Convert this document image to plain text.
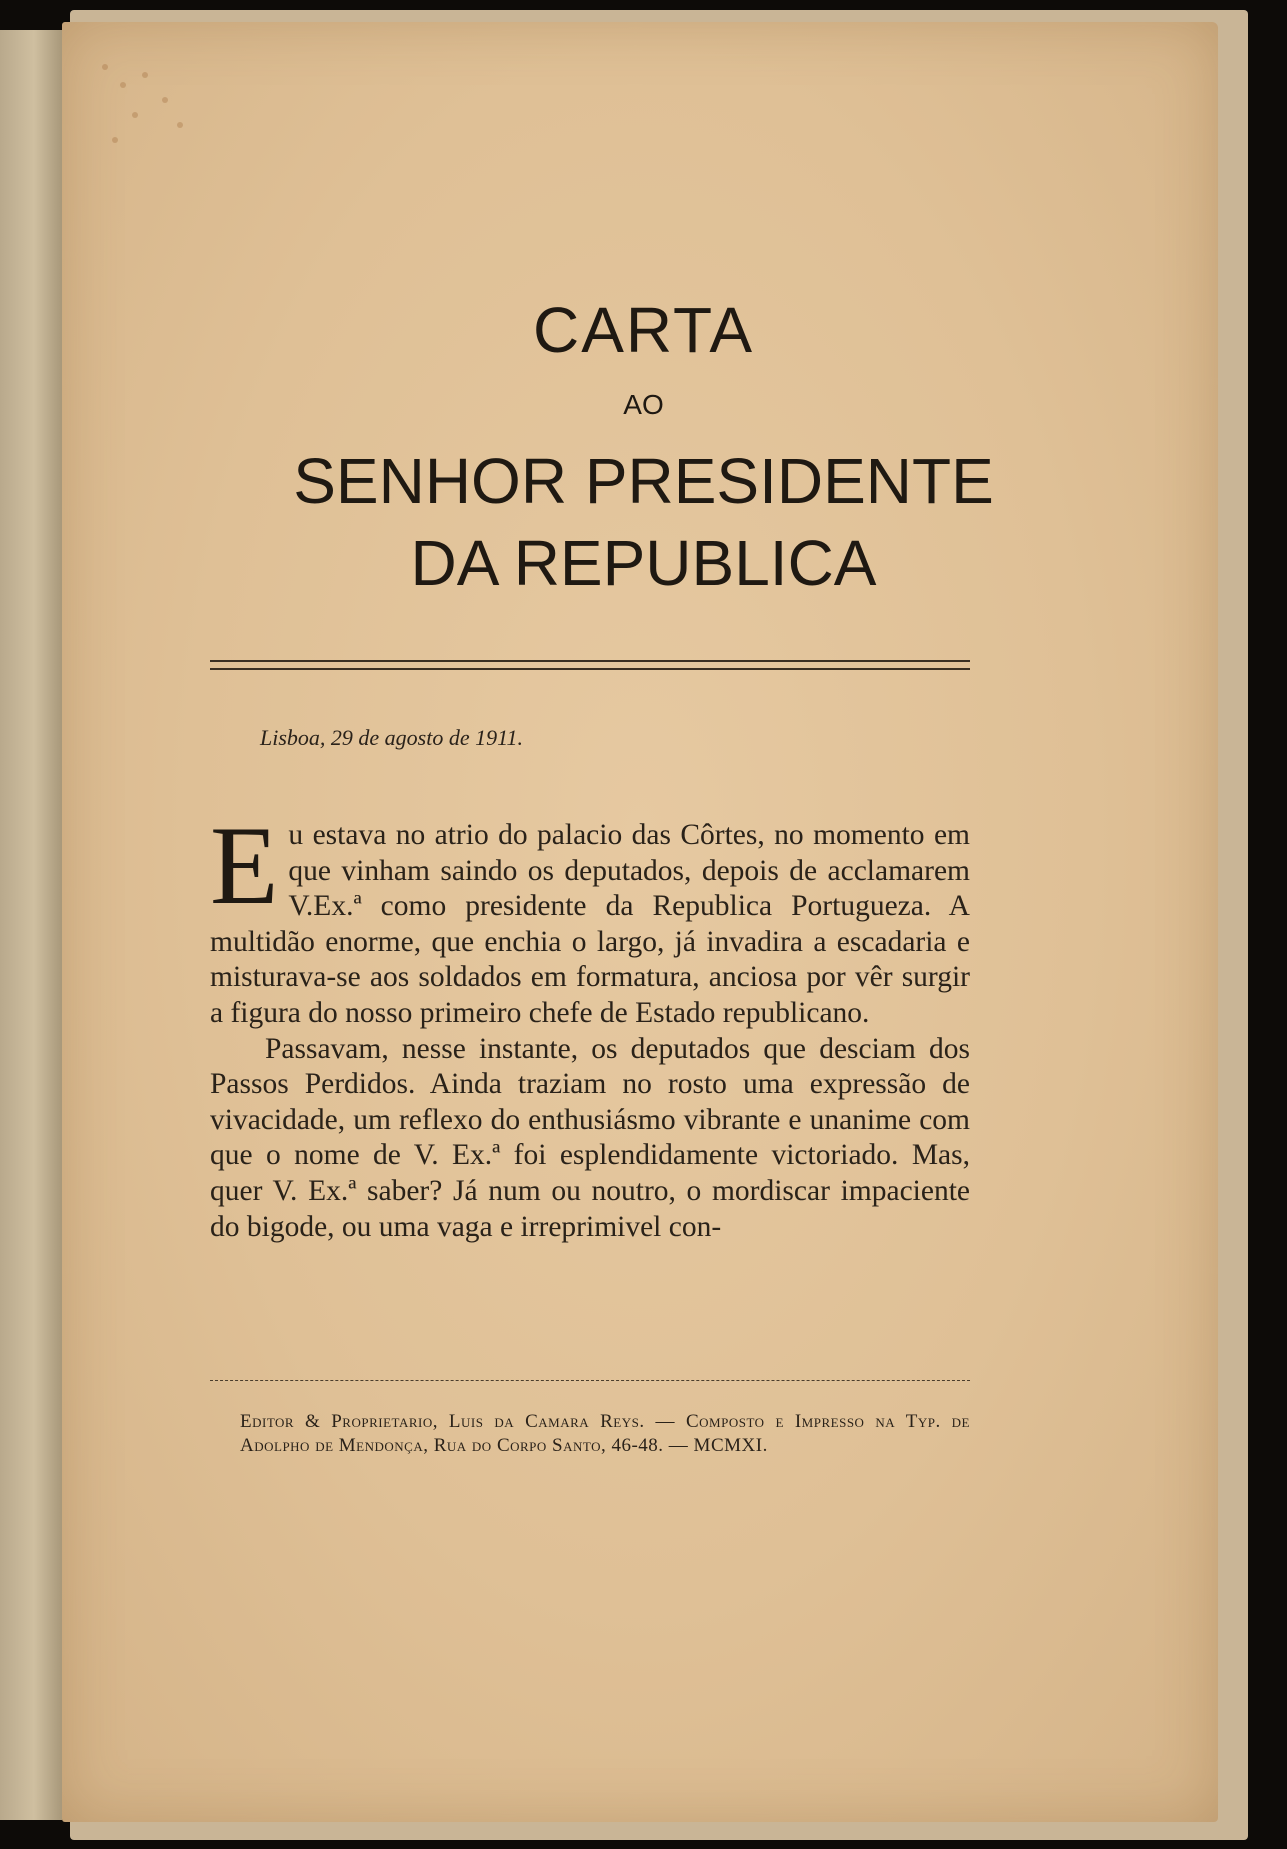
CARTA
AO
SENHOR PRESIDENTE
DA REPUBLICA
Lisboa, 29 de agosto de 1911.

Eu estava no atrio do palacio das Côrtes, no momento em que vinham saindo os deputados, depois de acclamarem V.Ex.ª como presidente da Republica Portugueza. A multidão enorme, que enchia o largo, já invadira a escadaria e misturava-se aos soldados em formatura, anciosa por vêr surgir a figura do nosso primeiro chefe de Estado republicano.

Passavam, nesse instante, os deputados que desciam dos Passos Perdidos. Ainda traziam no rosto uma expressão de vivacidade, um reflexo do enthusiásmo vibrante e unanime com que o nome de V. Ex.ª foi esplendidamente victoriado. Mas, quer V. Ex.ª saber? Já num ou noutro, o mordiscar impaciente do bigode, ou uma vaga e irreprimivel con-

Editor & Proprietario, Luis da Camara Reys. — Composto e Impresso na Typ. de Adolpho de Mendonça, Rua do Corpo Santo, 46-48. — MCMXI.
